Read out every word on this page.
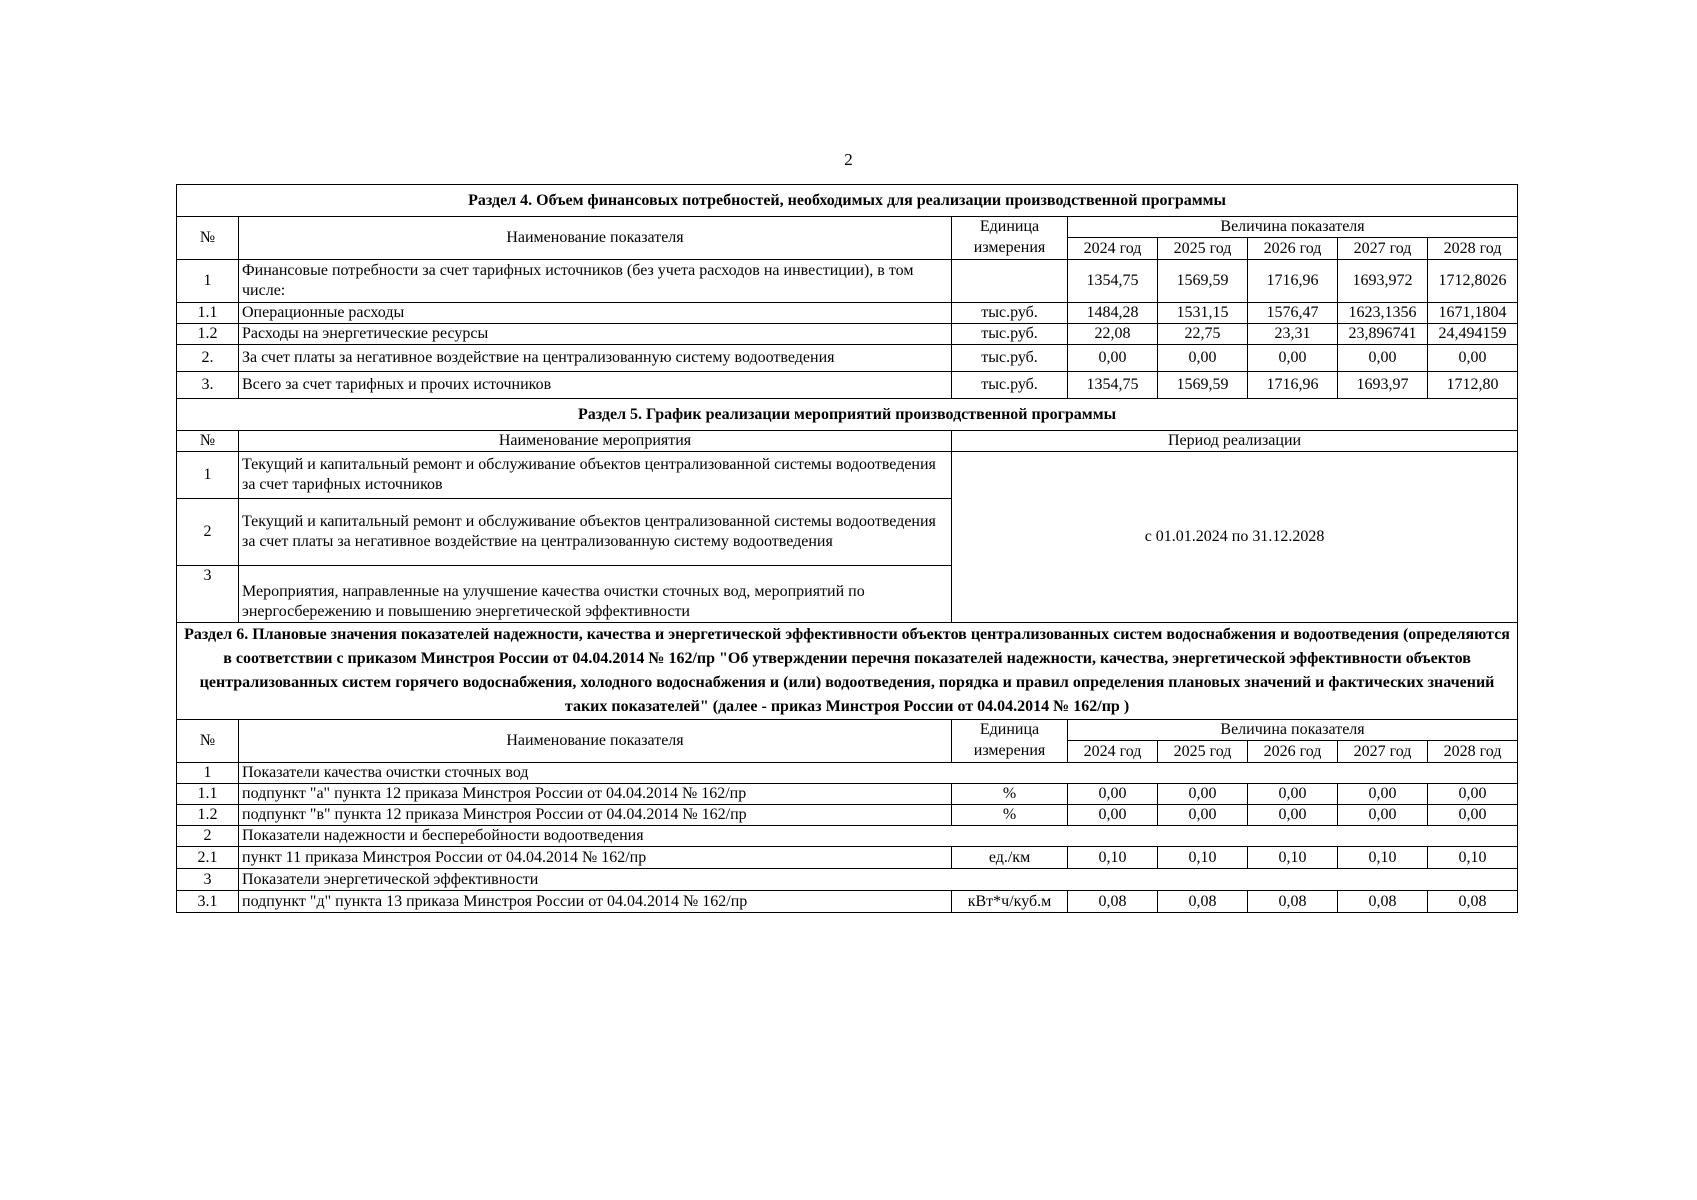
2
Раздел 4. Объем финансовых потребностей, необходимых для реализации производственной программы							
№	Наименование показателя	Единица	Величина показателя				
		измерения	2024 год	2025 год	2026 год	2027 год	2028 год
1	Финансовые потребности за счет тарифных источников (без учета расходов на инвестиции), в том числе:		1354,75	1569,59	1716,96	1693,972	1712,8026
1.1	Операционные расходы	тыс.руб.	1484,28	1531,15	1576,47	1623,1356	1671,1804
1.2	Расходы на энергетические ресурсы	тыс.руб.	22,08	22,75	23,31	23,896741	24,494159
2.	За счет платы за негативное воздействие на централизованную систему водоотведения	тыс.руб.	0,00	0,00	0,00	0,00	0,00
3.	Всего за счет тарифных и прочих источников	тыс.руб.	1354,75	1569,59	1716,96	1693,97	1712,80
Раздел 5. График реализации мероприятий производственной программы							
№	Наименование мероприятия	Период реализации					
1	Текущий и капитальный ремонт и обслуживание объектов централизованной системы водоотведения за счет тарифных источников	с 01.01.2024 по 31.12.2028					
2	Текущий и капитальный ремонт и обслуживание объектов централизованной системы водоотведения за счет платы за негативное воздействие на централизованную систему водоотведения						
3	Мероприятия, направленные на улучшение качества очистки сточных вод, мероприятий по энергосбережению и повышению энергетической эффективности						
Раздел 6. Плановые значения показателей надежности, качества и энергетической эффективности объектов централизованных систем водоснабжения и водоотведения (определяются в соответствии с приказом Минстроя России от 04.04.2014 № 162/пр "Об утверждении перечня показателей надежности, качества, энергетической эффективности объектов централизованных систем горячего водоснабжения, холодного водоснабжения и (или) водоотведения, порядка и правил определения плановых значений и фактических значений таких показателей" (далее - приказ Минстроя России от 04.04.2014 № 162/пр )							
№	Наименование показателя	Единица	Величина показателя				
		измерения	2024 год	2025 год	2026 год	2027 год	2028 год
1	Показатели качества очистки сточных вод						
1.1	подпункт "а" пункта 12 приказа Минстроя России от 04.04.2014 № 162/пр	%	0,00	0,00	0,00	0,00	0,00
1.2	подпункт "в" пункта 12 приказа Минстроя России от 04.04.2014 № 162/пр	%	0,00	0,00	0,00	0,00	0,00
2	Показатели надежности и бесперебойности водоотведения						
2.1	пункт 11 приказа Минстроя России от 04.04.2014 № 162/пр	ед./км	0,10	0,10	0,10	0,10	0,10
3	Показатели энергетической эффективности						
3.1	подпункт "д" пункта 13 приказа Минстроя России от 04.04.2014 № 162/пр	кВт*ч/куб.м	0,08	0,08	0,08	0,08	0,08
